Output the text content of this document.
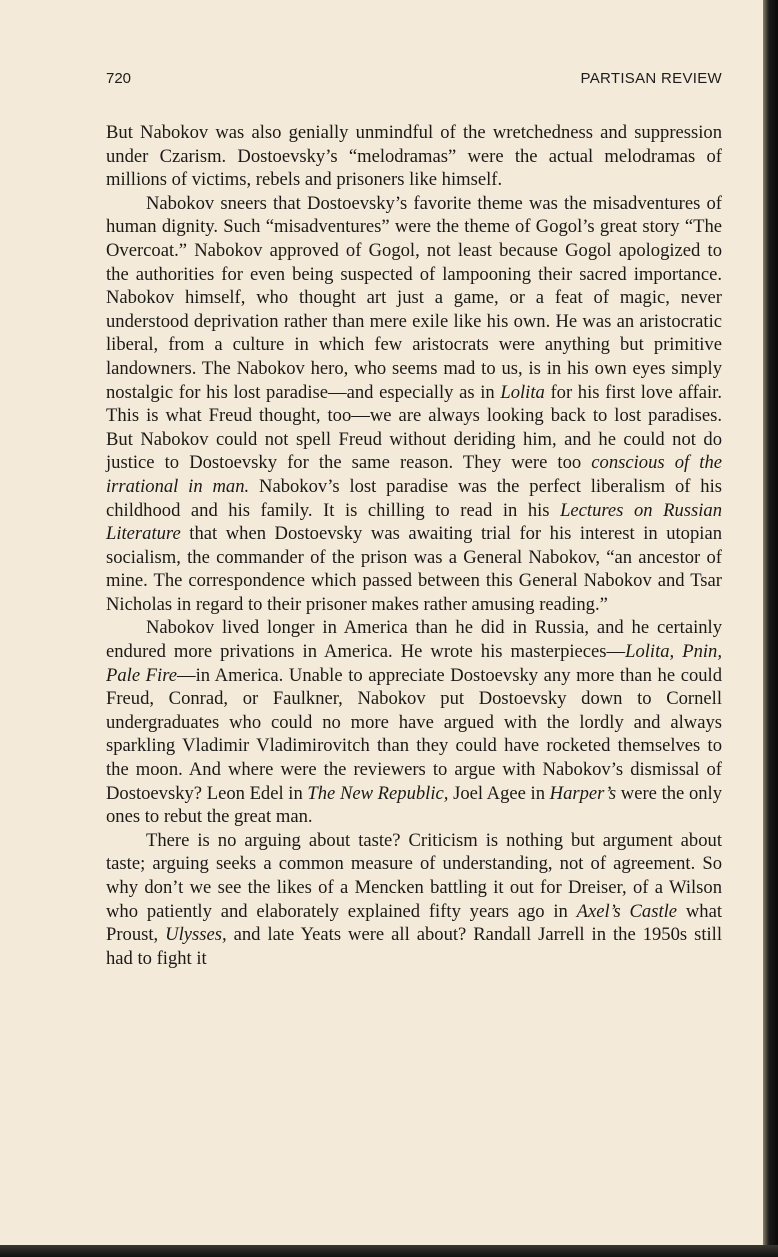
720	PARTISAN REVIEW

But Nabokov was also genially unmindful of the wretchedness and suppression under Czarism. Dostoevsky’s “melodramas” were the actual melodramas of millions of victims, rebels and prisoners like himself.

Nabokov sneers that Dostoevsky’s favorite theme was the misadventures of human dignity. Such “misadventures” were the theme of Gogol’s great story “The Overcoat.” Nabokov approved of Gogol, not least because Gogol apologized to the authorities for even being suspected of lampooning their sacred importance. Nabokov himself, who thought art just a game, or a feat of magic, never understood deprivation rather than mere exile like his own. He was an aristocratic liberal, from a culture in which few aristocrats were anything but primitive landowners. The Nabokov hero, who seems mad to us, is in his own eyes simply nostalgic for his lost paradise—and especially as in Lolita for his first love affair. This is what Freud thought, too—we are always looking back to lost paradises. But Nabokov could not spell Freud without deriding him, and he could not do justice to Dostoevsky for the same reason. They were too conscious of the irrational in man. Nabokov’s lost paradise was the perfect liberalism of his childhood and his family. It is chilling to read in his Lectures on Russian Literature that when Dostoevsky was awaiting trial for his interest in utopian socialism, the commander of the prison was a General Nabokov, “an ancestor of mine. The correspondence which passed between this General Nabokov and Tsar Nicholas in regard to their prisoner makes rather amusing reading.”

Nabokov lived longer in America than he did in Russia, and he certainly endured more privations in America. He wrote his masterpieces—Lolita, Pnin, Pale Fire—in America. Unable to appreciate Dostoevsky any more than he could Freud, Conrad, or Faulkner, Nabokov put Dostoevsky down to Cornell undergraduates who could no more have argued with the lordly and always sparkling Vladimir Vladimirovitch than they could have rocketed themselves to the moon. And where were the reviewers to argue with Nabokov’s dismissal of Dostoevsky? Leon Edel in The New Republic, Joel Agee in Harper’s were the only ones to rebut the great man.

There is no arguing about taste? Criticism is nothing but argument about taste; arguing seeks a common measure of understanding, not of agreement. So why don’t we see the likes of a Mencken battling it out for Dreiser, of a Wilson who patiently and elaborately explained fifty years ago in Axel’s Castle what Proust, Ulysses, and late Yeats were all about? Randall Jarrell in the 1950s still had to fight it
